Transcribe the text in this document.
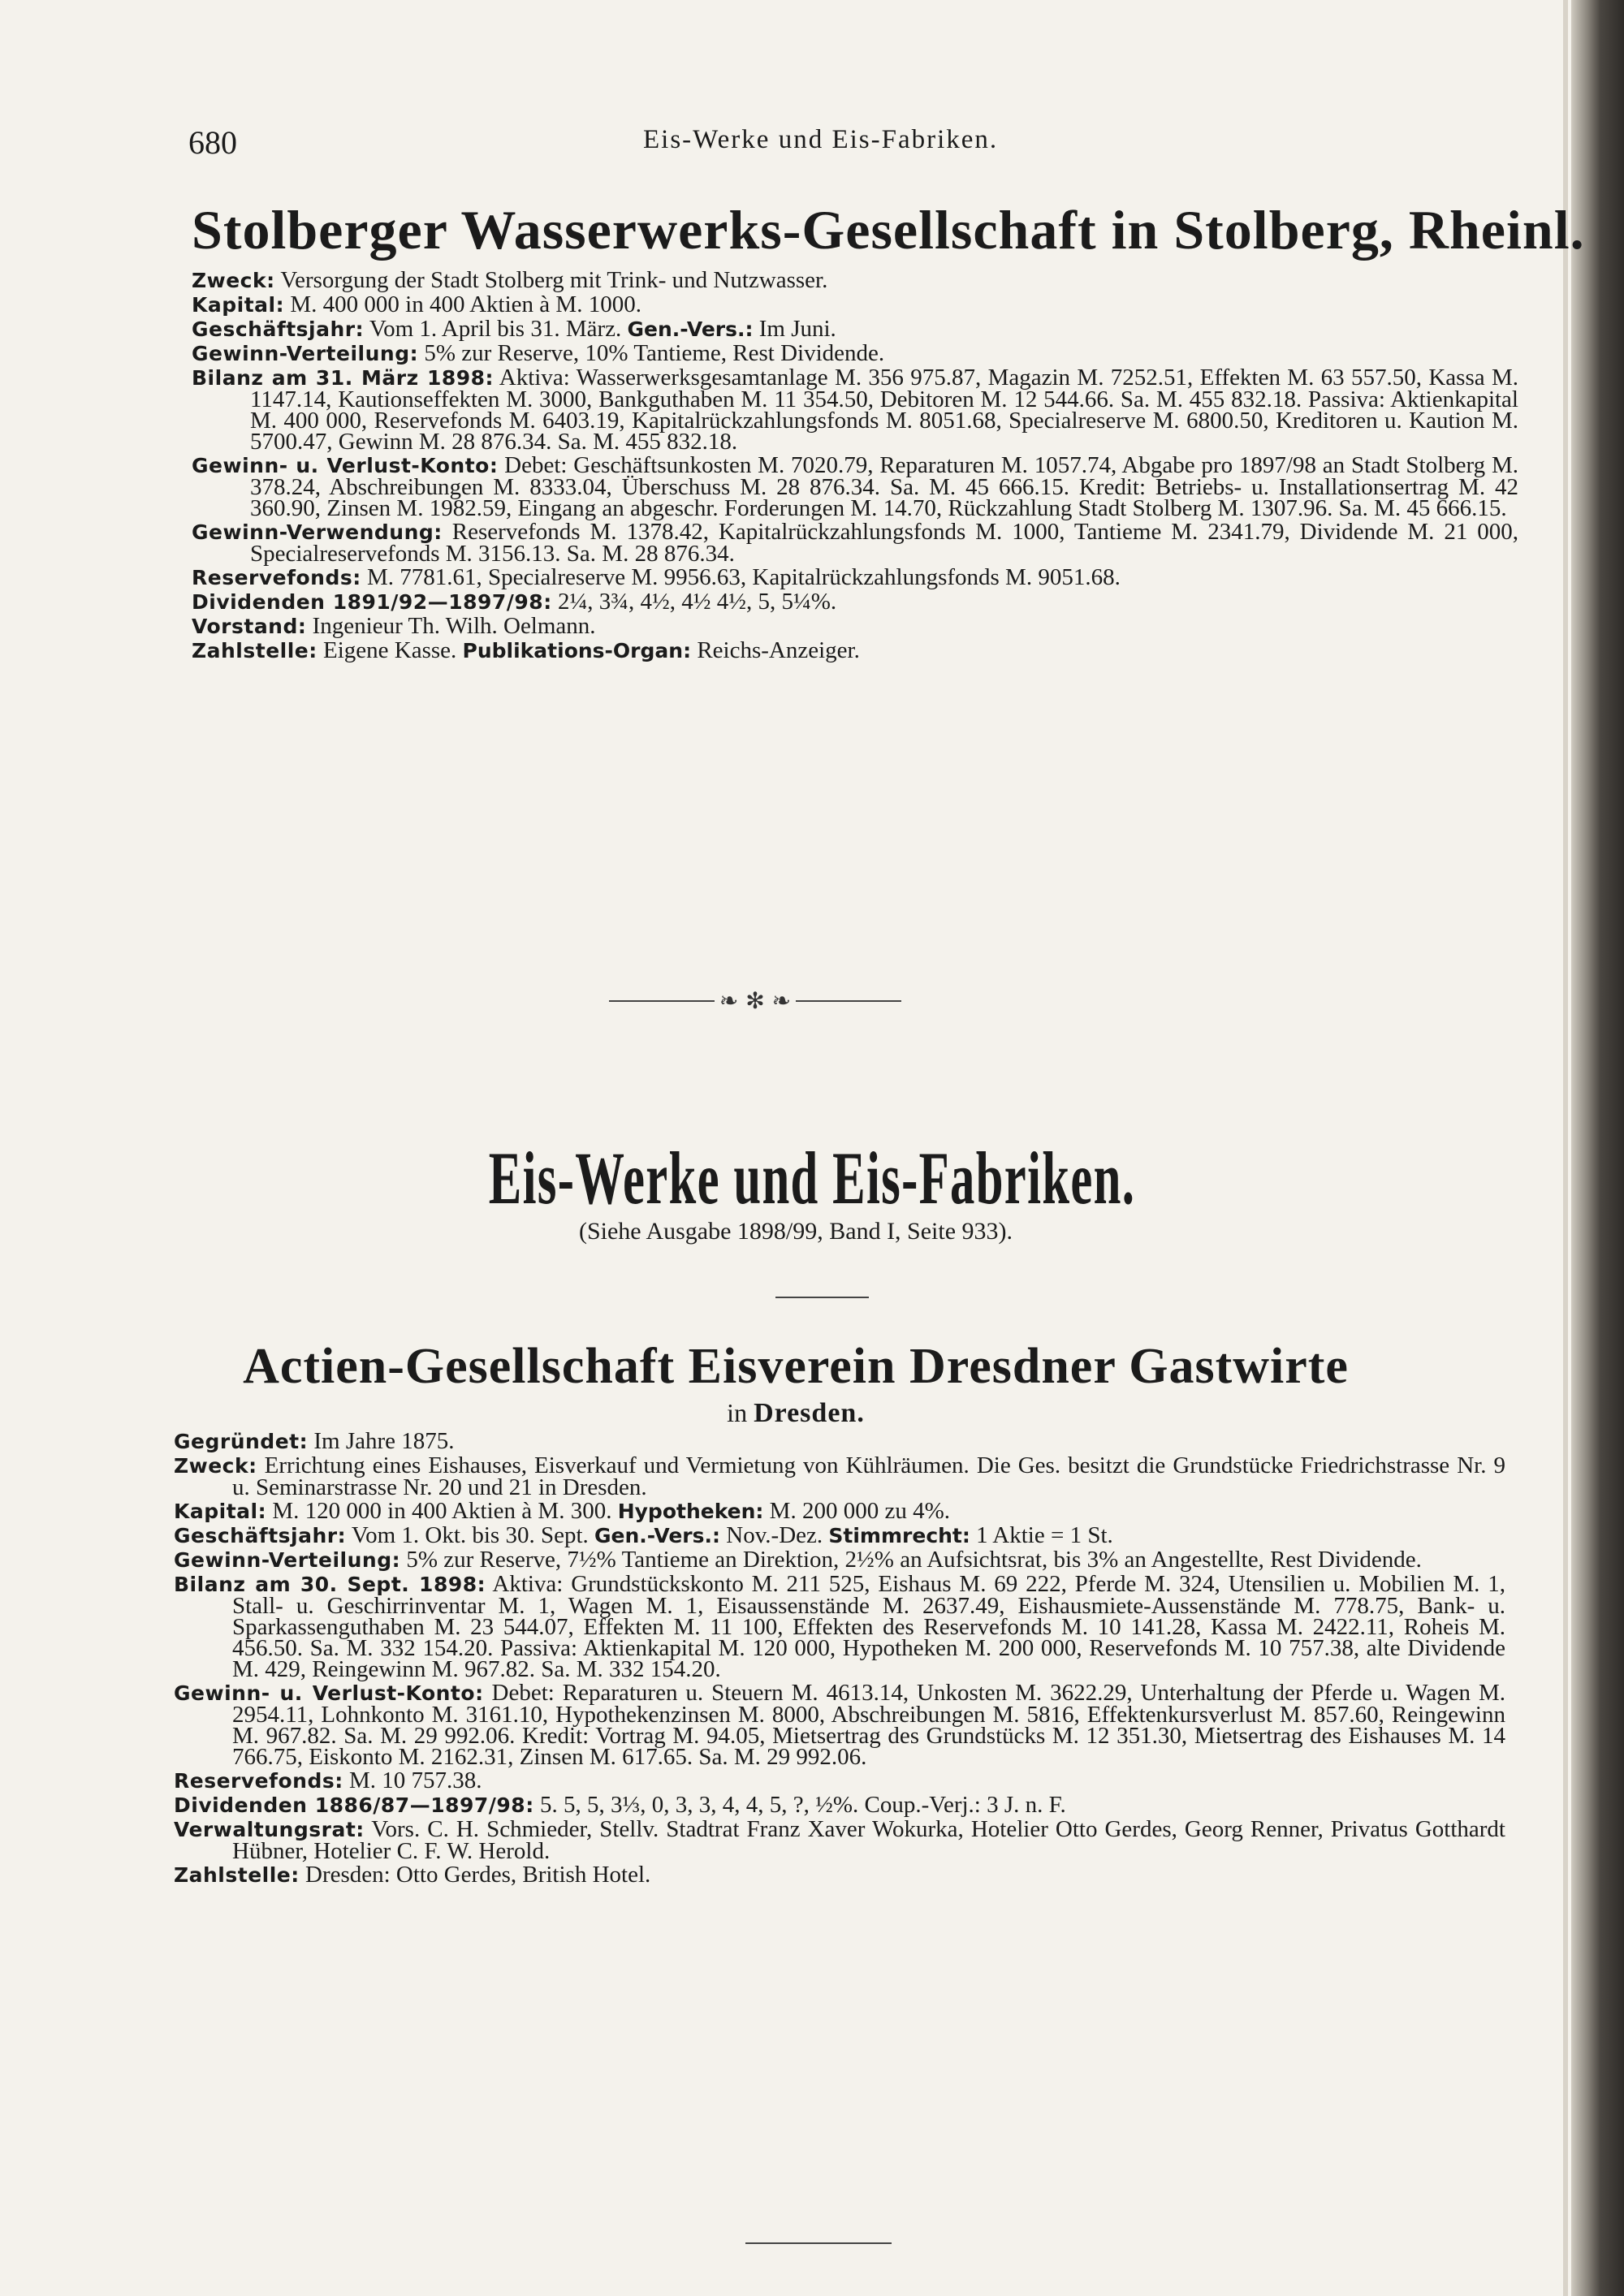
680	Eis-Werke und Eis-Fabriken.
Stolberger Wasserwerks-Gesellschaft in Stolberg, Rheinl.

Zweck: Versorgung der Stadt Stolberg mit Trink- und Nutzwasser.

Kapital: M. 400 000 in 400 Aktien à M. 1000.

Geschäftsjahr: Vom 1. April bis 31. März. Gen.-Vers.: Im Juni.

Gewinn-Verteilung: 5% zur Reserve, 10% Tantieme, Rest Dividende.

Bilanz am 31. März 1898: Aktiva: Wasserwerksgesamtanlage M. 356 975.87, Magazin M. 7252.51, Effekten M. 63 557.50, Kassa M. 1147.14, Kautionseffekten M. 3000, Bankguthaben M. 11 354.50, Debitoren M. 12 544.66. Sa. M. 455 832.18. Passiva: Aktienkapital M. 400 000, Reservefonds M. 6403.19, Kapitalrückzahlungsfonds M. 8051.68, Specialreserve M. 6800.50, Kreditoren u. Kaution M. 5700.47, Gewinn M. 28 876.34. Sa. M. 455 832.18.

Gewinn- u. Verlust-Konto: Debet: Geschäftsunkosten M. 7020.79, Reparaturen M. 1057.74, Abgabe pro 1897/98 an Stadt Stolberg M. 378.24, Abschreibungen M. 8333.04, Überschuss M. 28 876.34. Sa. M. 45 666.15. Kredit: Betriebs- u. Installationsertrag M. 42 360.90, Zinsen M. 1982.59, Eingang an abgeschr. Forderungen M. 14.70, Rückzahlung Stadt Stolberg M. 1307.96. Sa. M. 45 666.15.

Gewinn-Verwendung: Reservefonds M. 1378.42, Kapitalrückzahlungsfonds M. 1000, Tantieme M. 2341.79, Dividende M. 21 000, Specialreservefonds M. 3156.13. Sa. M. 28 876.34.

Reservefonds: M. 7781.61, Specialreserve M. 9956.63, Kapitalrückzahlungsfonds M. 9051.68.

Dividenden 1891/92—1897/98: 2¼, 3¾, 4½, 4½ 4½, 5, 5¼%.

Vorstand: Ingenieur Th. Wilh. Oelmann.

Zahlstelle: Eigene Kasse. Publikations-Organ: Reichs-Anzeiger.

❧ ✻ ❧
Eis-Werke und Eis-Fabriken.
(Siehe Ausgabe 1898/99, Band I, Seite 933).
Actien-Gesellschaft Eisverein Dresdner Gastwirte
in Dresden.

Gegründet: Im Jahre 1875.

Zweck: Errichtung eines Eishauses, Eisverkauf und Vermietung von Kühlräumen. Die Ges. besitzt die Grundstücke Friedrichstrasse Nr. 9 u. Seminarstrasse Nr. 20 und 21 in Dresden.

Kapital: M. 120 000 in 400 Aktien à M. 300. Hypotheken: M. 200 000 zu 4%.

Geschäftsjahr: Vom 1. Okt. bis 30. Sept. Gen.-Vers.: Nov.-Dez. Stimmrecht: 1 Aktie = 1 St.

Gewinn-Verteilung: 5% zur Reserve, 7½% Tantieme an Direktion, 2½% an Aufsichtsrat, bis 3% an Angestellte, Rest Dividende.

Bilanz am 30. Sept. 1898: Aktiva: Grundstückskonto M. 211 525, Eishaus M. 69 222, Pferde M. 324, Utensilien u. Mobilien M. 1, Stall- u. Geschirrinventar M. 1, Wagen M. 1, Eisaussenstände M. 2637.49, Eishausmiete-Aussenstände M. 778.75, Bank- u. Sparkassenguthaben M. 23 544.07, Effekten M. 11 100, Effekten des Reservefonds M. 10 141.28, Kassa M. 2422.11, Roheis M. 456.50. Sa. M. 332 154.20. Passiva: Aktienkapital M. 120 000, Hypotheken M. 200 000, Reservefonds M. 10 757.38, alte Dividende M. 429, Reingewinn M. 967.82. Sa. M. 332 154.20.

Gewinn- u. Verlust-Konto: Debet: Reparaturen u. Steuern M. 4613.14, Unkosten M. 3622.29, Unterhaltung der Pferde u. Wagen M. 2954.11, Lohnkonto M. 3161.10, Hypothekenzinsen M. 8000, Abschreibungen M. 5816, Effektenkursverlust M. 857.60, Reingewinn M. 967.82. Sa. M. 29 992.06. Kredit: Vortrag M. 94.05, Mietsertrag des Grundstücks M. 12 351.30, Mietsertrag des Eishauses M. 14 766.75, Eiskonto M. 2162.31, Zinsen M. 617.65. Sa. M. 29 992.06.

Reservefonds: M. 10 757.38.

Dividenden 1886/87—1897/98: 5. 5, 5, 3⅓, 0, 3, 3, 4, 4, 5, ?, ½%. Coup.-Verj.: 3 J. n. F.

Verwaltungsrat: Vors. C. H. Schmieder, Stellv. Stadtrat Franz Xaver Wokurka, Hotelier Otto Gerdes, Georg Renner, Privatus Gotthardt Hübner, Hotelier C. F. W. Herold.

Zahlstelle: Dresden: Otto Gerdes, British Hotel.
